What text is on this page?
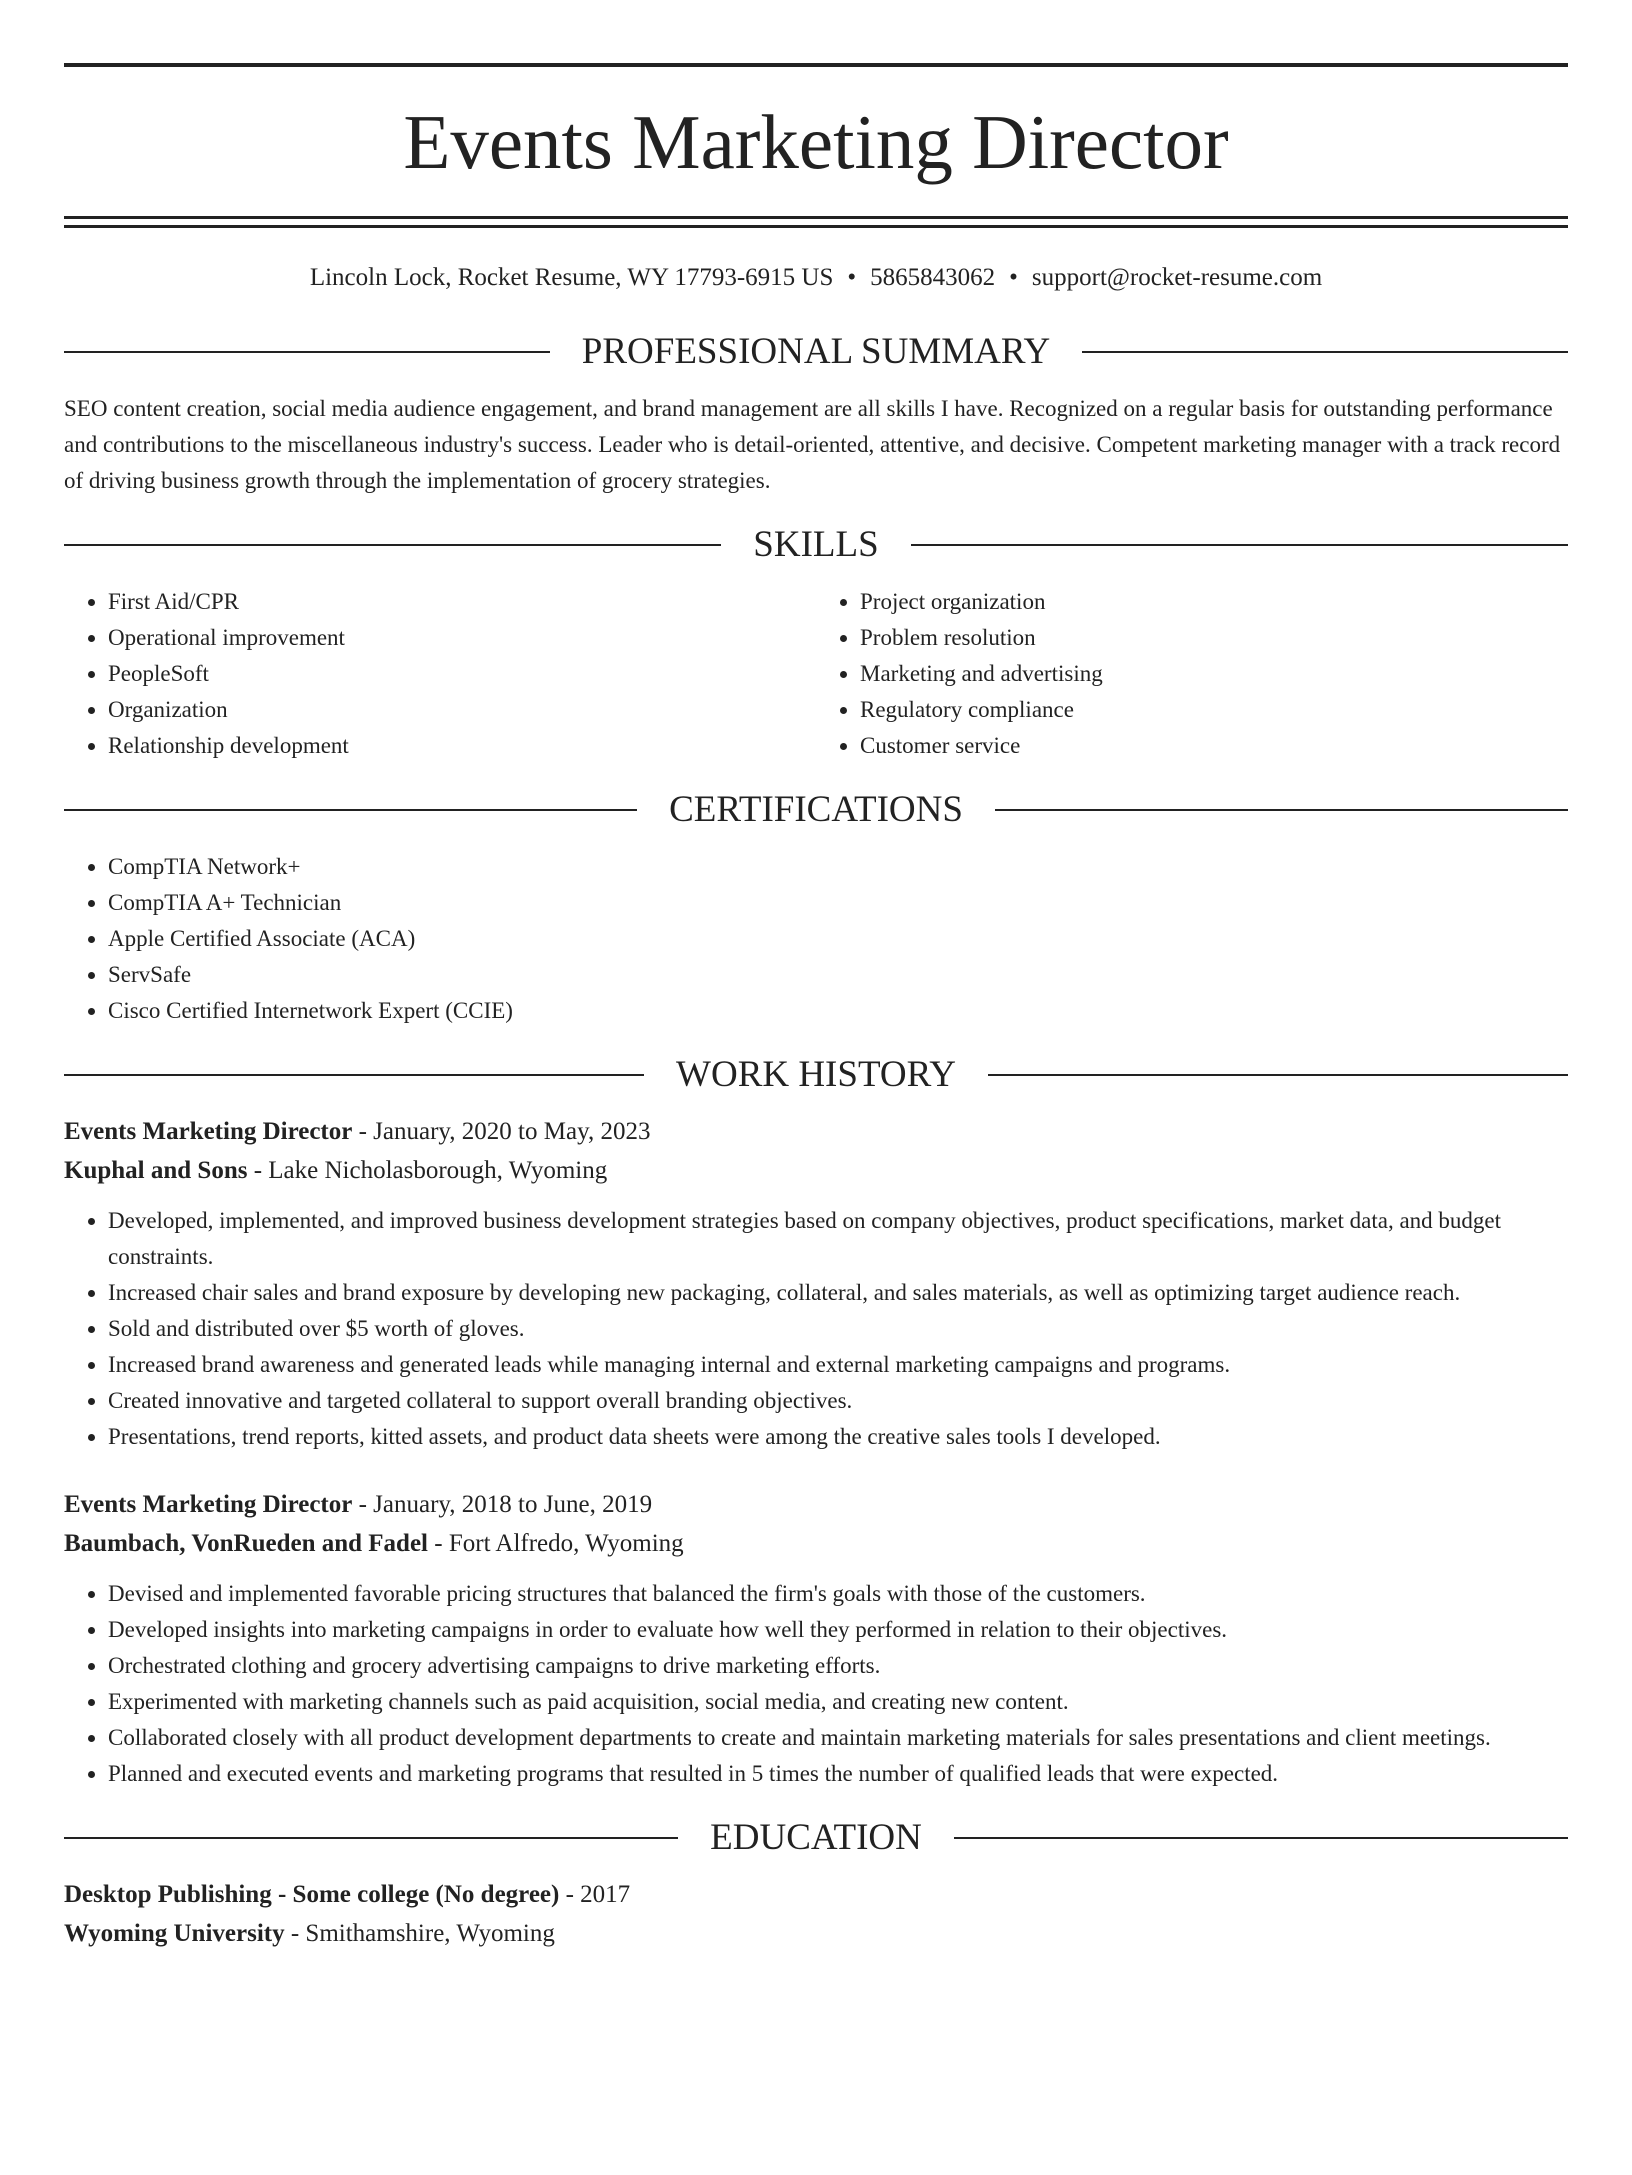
Events Marketing Director
Lincoln Lock, Rocket Resume, WY 17793-6915 US • 5865843062 • support@rocket-resume.com
PROFESSIONAL SUMMARY
SEO content creation, social media audience engagement, and brand management are all skills I have. Recognized on a regular basis for outstanding performance and contributions to the miscellaneous industry's success. Leader who is detail-oriented, attentive, and decisive. Competent marketing manager with a track record of driving business growth through the implementation of grocery strategies.
SKILLS
• First Aid/CPR
• Operational improvement
• PeopleSoft
• Organization
• Relationship development
• Project organization
• Problem resolution
• Marketing and advertising
• Regulatory compliance
• Customer service
CERTIFICATIONS
• CompTIA Network+
• CompTIA A+ Technician
• Apple Certified Associate (ACA)
• ServSafe
• Cisco Certified Internetwork Expert (CCIE)
WORK HISTORY
Events Marketing Director - January, 2020 to May, 2023
Kuphal and Sons - Lake Nicholasborough, Wyoming
• Developed, implemented, and improved business development strategies based on company objectives, product specifications, market data, and budget constraints.
• Increased chair sales and brand exposure by developing new packaging, collateral, and sales materials, as well as optimizing target audience reach.
• Sold and distributed over $5 worth of gloves.
• Increased brand awareness and generated leads while managing internal and external marketing campaigns and programs.
• Created innovative and targeted collateral to support overall branding objectives.
• Presentations, trend reports, kitted assets, and product data sheets were among the creative sales tools I developed.
Events Marketing Director - January, 2018 to June, 2019
Baumbach, VonRueden and Fadel - Fort Alfredo, Wyoming
• Devised and implemented favorable pricing structures that balanced the firm's goals with those of the customers.
• Developed insights into marketing campaigns in order to evaluate how well they performed in relation to their objectives.
• Orchestrated clothing and grocery advertising campaigns to drive marketing efforts.
• Experimented with marketing channels such as paid acquisition, social media, and creating new content.
• Collaborated closely with all product development departments to create and maintain marketing materials for sales presentations and client meetings.
• Planned and executed events and marketing programs that resulted in 5 times the number of qualified leads that were expected.
EDUCATION
Desktop Publishing - Some college (No degree) - 2017
Wyoming University - Smithamshire, Wyoming
